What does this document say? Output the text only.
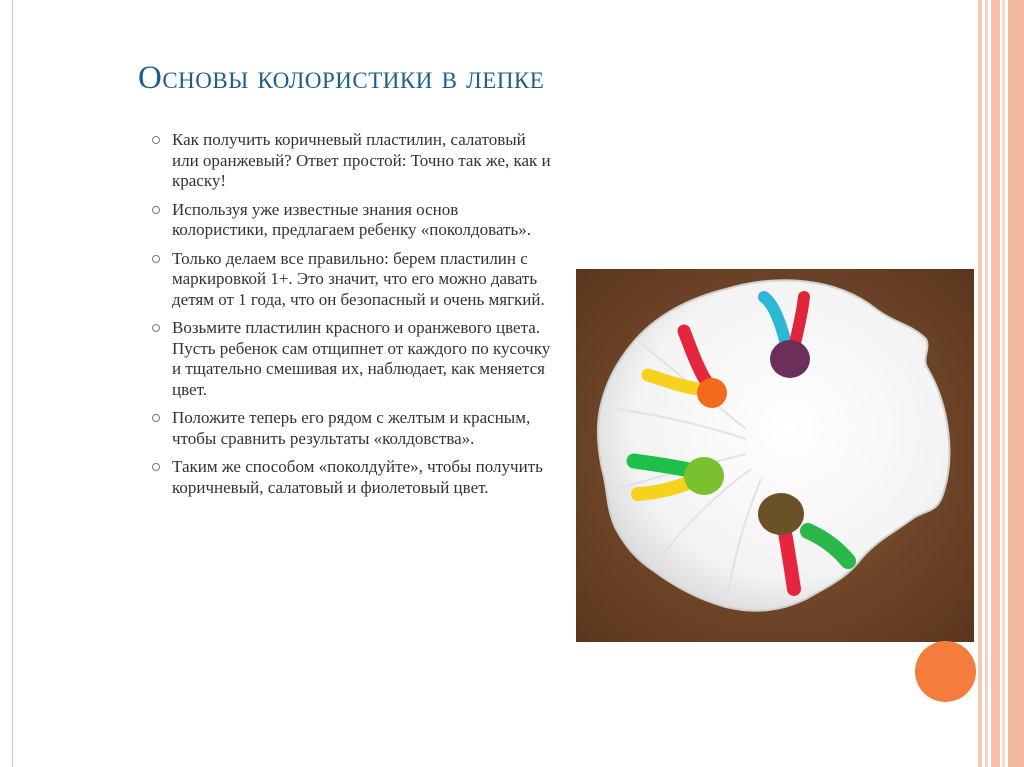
Основы колористики в лепке
Как получить коричневый пластилин, салатовый или оранжевый? Ответ простой: Точно так же, как и краску!
Используя уже известные знания основ колористики, предлагаем ребенку «поколдовать».
Только делаем все правильно: берем пластилин с маркировкой 1+. Это значит, что его можно давать детям от 1 года, что он безопасный и очень мягкий.
Возьмите пластилин красного и оранжевого цвета. Пусть ребенок сам отщипнет от каждого по кусочку и тщательно смешивая их, наблюдает, как меняется цвет.
Положите теперь его рядом с желтым и красным, чтобы сравнить результаты «колдовства».
Таким же способом «поколдуйте», чтобы получить коричневый, салатовый и фиолетовый цвет.
